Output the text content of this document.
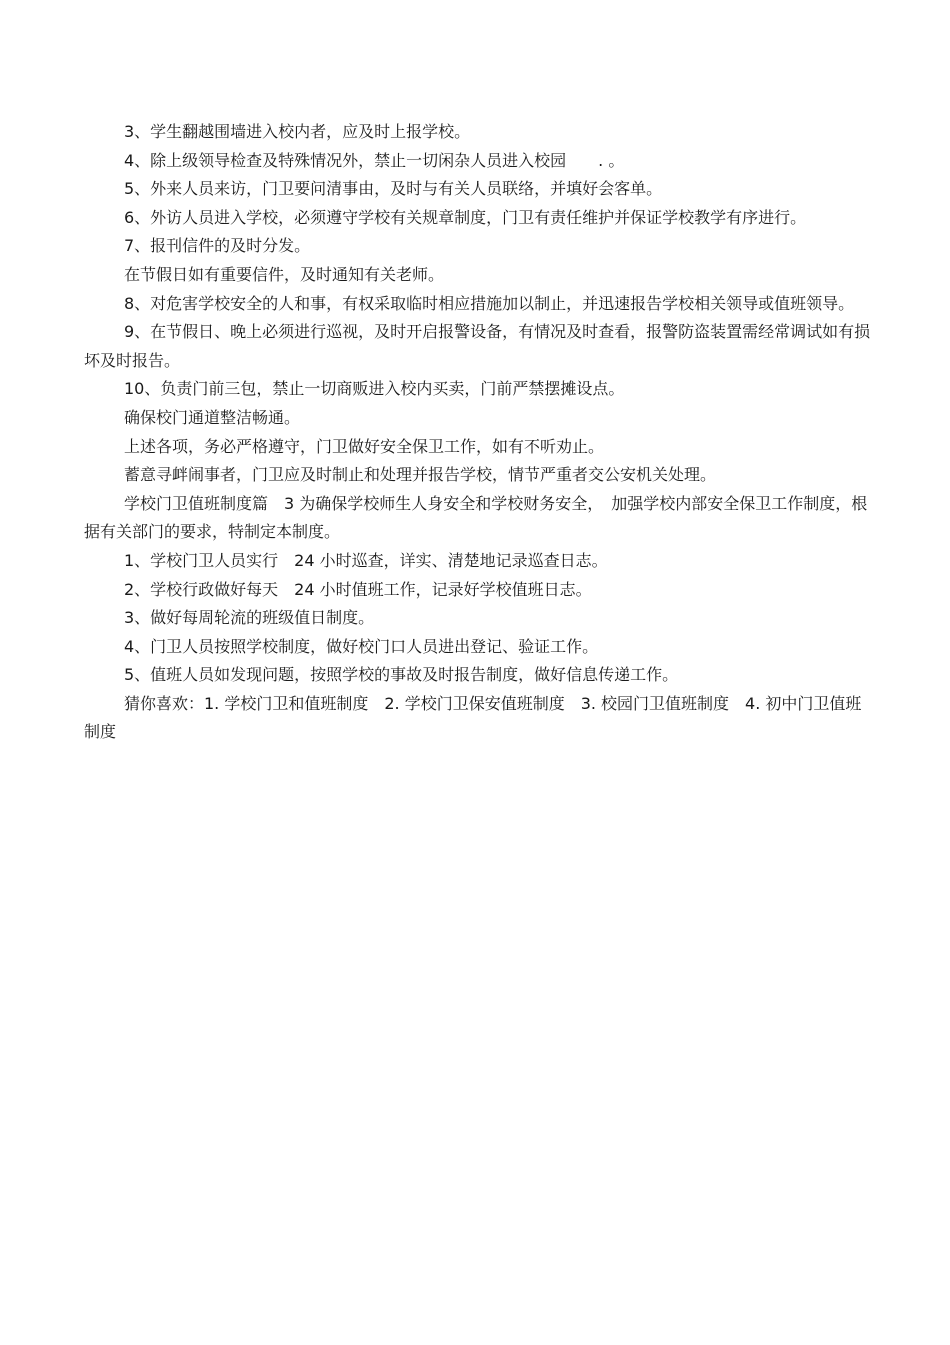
3、学生翻越围墙进入校内者，应及时上报学校。

4、除上级领导检查及特殊情况外，禁止一切闲杂人员进入校园　　. 。

5、外来人员来访，门卫要问清事由，及时与有关人员联络，并填好会客单。

6、外访人员进入学校，必须遵守学校有关规章制度，门卫有责任维护并保证学校教学有序进行。

7、报刊信件的及时分发。

在节假日如有重要信件，及时通知有关老师。

8、对危害学校安全的人和事，有权采取临时相应措施加以制止，并迅速报告学校相关领导或值班领导。

9、在节假日、晚上必须进行巡视，及时开启报警设备，有情况及时查看，报警防盗装置需经常调试如有损坏及时报告。

10、负责门前三包，禁止一切商贩进入校内买卖，门前严禁摆摊设点。

确保校门通道整洁畅通。

上述各项，务必严格遵守，门卫做好安全保卫工作，如有不听劝止。

蓄意寻衅闹事者，门卫应及时制止和处理并报告学校，情节严重者交公安机关处理。

学校门卫值班制度篇　3 为确保学校师生人身安全和学校财务安全，　加强学校内部安全保卫工作制度，根据有关部门的要求，特制定本制度。

1、学校门卫人员实行　24 小时巡查，详实、清楚地记录巡查日志。

2、学校行政做好每天　24 小时值班工作，记录好学校值班日志。

3、做好每周轮流的班级值日制度。

4、门卫人员按照学校制度，做好校门口人员进出登记、验证工作。

5、值班人员如发现问题，按照学校的事故及时报告制度，做好信息传递工作。

猜你喜欢：1. 学校门卫和值班制度　2. 学校门卫保安值班制度　3. 校园门卫值班制度　4. 初中门卫值班制度
